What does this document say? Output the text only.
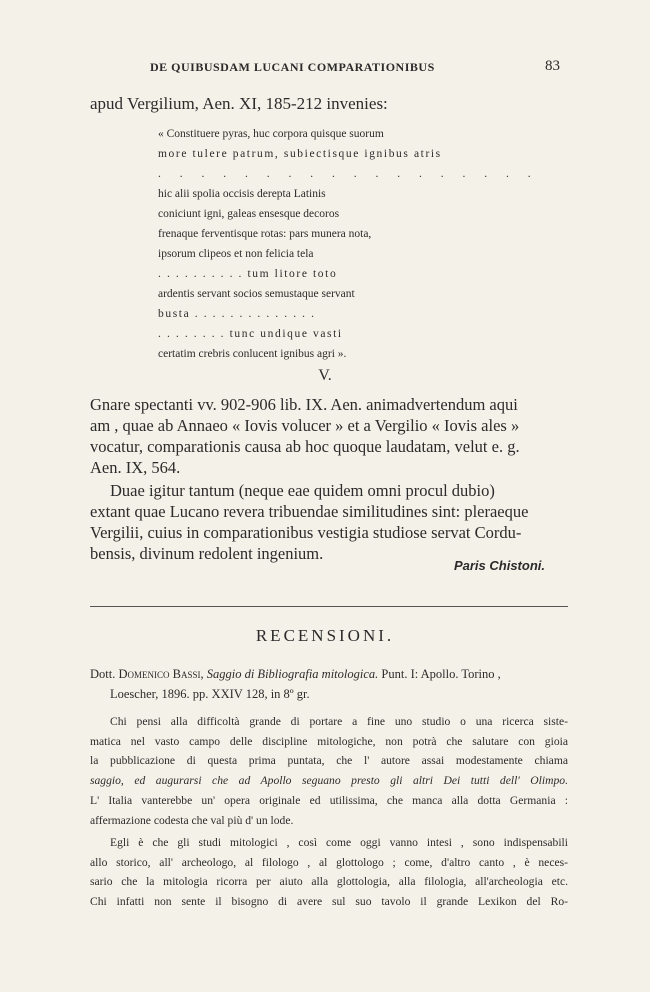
DE QUIBUSDAM LUCANI COMPARATIONIBUS	83
apud Vergilium, Aen. XI, 185-212 invenies:
« Constituere pyras, huc corpora quisque suorum
more tulere patrum, subiectisque ignibus atris
. . . . . . . . . . . . . . . . . .
hic alii spolia occisis derepta Latinis
coniciunt igni, galeas ensesque decoros
frenaque ferventisque rotas: pars munera nota,
ipsorum clipeos et non felicia tela
. . . . . . . . . . tum litore toto
ardentis servant socios semustaque servant
busta . . . . . . . . . . . . . .
. . . . . . . . tunc undique vasti
certatim crebris conlucent ignibus agri ».
V.

Gnare spectanti vv. 902-906 lib. IX. Aen. animadvertendum aqui

am , quae ab Annaeo « Iovis volucer » et a Vergilio « Iovis ales »

vocatur, comparationis causa ab hoc quoque laudatam, velut e. g.

Aen. IX, 564.

Duae igitur tantum (neque eae quidem omni procul dubio)

extant quae Lucano revera tribuendae similitudines sint: pleraeque

Vergilii, cuius in comparationibus vestigia studiose servat Cordu-

bensis, divinum redolent ingenium.

Paris Chistoni.
RECENSIONI.
Dott. Domenico Bassi, Saggio di Bibliografia mitologica. Punt. I: Apollo. Torino ,
Loescher, 1896. pp. XXIV 128, in 8º gr.
Chi pensi alla difficoltà grande di portare a fine uno studio o una ricerca siste-
matica nel vasto campo delle discipline mitologiche, non potrà che salutare con gioia
la pubblicazione di questa prima puntata, che l' autore assai modestamente chiama
saggio, ed augurarsi che ad Apollo seguano presto gli altri Dei tutti dell' Olimpo.
L' Italia vanterebbe un' opera originale ed utilissima, che manca alla dotta Germania :
affermazione codesta che val più d' un lode.
Egli è che gli studi mitologici , così come oggi vanno intesi , sono indispensabili
allo storico, all' archeologo, al filologo , al glottologo ; come, d'altro canto , è neces-
sario che la mitologia ricorra per aiuto alla glottologia, alla filologia, all'archeologia etc.
Chi infatti non sente il bisogno di avere sul suo tavolo il grande Lexikon del Ro-
